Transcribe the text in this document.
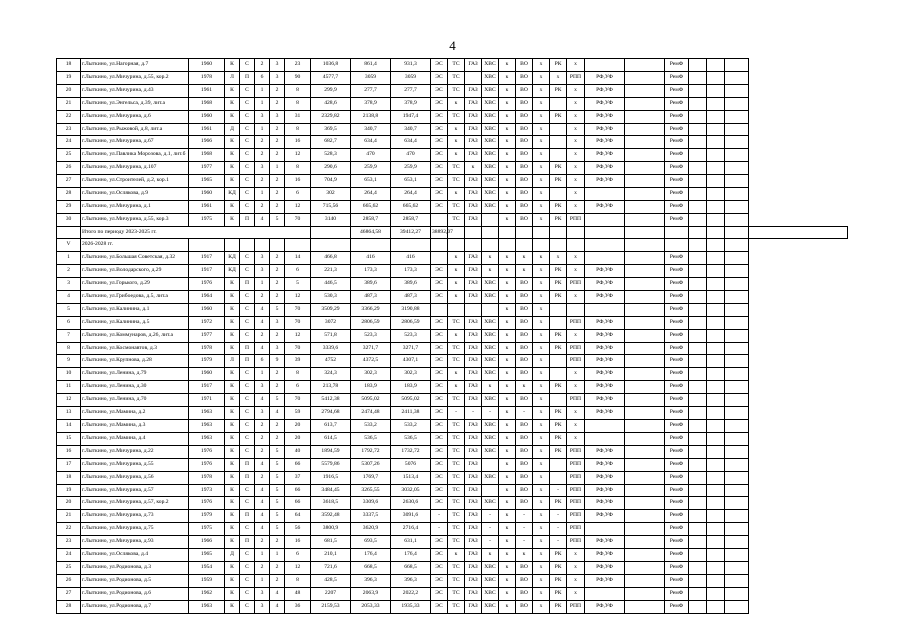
4
18	г.Лыткино, ул.Нагорная, д.7	1960	К	С	2	3	23	1036,8	861,4	931,3	ЭС	ТС	ГАЗ	ХВС	к	ВО	х	РК	х			РемФ				
19	г.Лыткино, ул.Мичурина, д.55, кор.2	1978	Л	П	6	3	90	4577,7	3059	3059	ЭС	ТС		ХВС	к	ВО	х	х	РПП	РФ,УФ		РемФ				
20	г.Лыткино, ул.Мичурина, д.43	1961	К	С	1	2	8	299,9	277,7	277,7	ЭС	ТС	ГАЗ	ХВС	к	ВО	х	РК	х	РФ,УФ		РемФ				
21	г.Лыткино, ул.Энгельса, д.39, лит.а	1968	К	С	1	2	8	428,6	378,9	378,9	ЭС	к	ГАЗ	ХВС	к	ВО	х		х	РФ,УФ		РемФ				
22	г.Лыткино, ул.Мичурина, д.6	1960	К	С	3	3	31	2329,82	2138,8	1947,4	ЭС	ТС	ГАЗ	ХВС	к	ВО	х	РК	х	РФ,УФ		РемФ				
23	г.Лыткино, ул.Рыжовой, д.8, лит.а	1961	Д	С	1	2	8	369,5	340,7	340,7	ЭС	к	ГАЗ	ХВС	к	ВО	х		х	РФ,УФ		РемФ				
24	г.Лыткино, ул.Мичурина, д.67	1966	К	С	2	2	16	682,7	634,4	634,4	ЭС	к	ГАЗ	ХВС	к	ВО	х		х	РФ,УФ		РемФ				
25	г.Лыткино, ул.Павлика Морозова, д.1, лит.б	1968	К	С	2	2	12	528,3	470	470	ЭС	к	ГАЗ	ХВС	к	ВО	х		х	РФ,УФ		РемФ				
26	г.Лыткино, ул.Мичурина, д.107	1977	К	С	3	1	8	290,6	259,9	259,9	ЭС	ТС	к	ХВС	к	ВО	х	РК	х	РФ,УФ		РемФ				
27	г.Лыткино, ул.Строителей, д.2, кор.1	1965	К	С	2	2	16	704,9	653,1	653,1	ЭС	ТС	ГАЗ	ХВС	к	ВО	х	РК	х	РФ,УФ		РемФ				
28	г.Лыткино, ул.Ослякова, д.9	1960	КД	С	1	2	6	302	264,4	264,4	ЭС	к	ГАЗ	ХВС	к	ВО	х		х			РемФ				
29	г.Лыткино, ул.Мичурина, д.1	1961	К	С	2	2	12	715,56	665,62	665,62	ЭС	ТС	ГАЗ	ХВС	к	ВО	х	РК	х	РФ,УФ		РемФ				
30	г.Лыткино, ул.Мичурина, д.55, кор.3	1975	К	П	4	5	70	3140	2858,7	2858,7		ТС	ГАЗ		к	ВО	х	РК	РПП			РемФ				
	Итого по периоду 2023-2025 гг.								46864,58	39412,27	38892,07															
V	2026-2028 гг.																									
1	г.Лыткино, ул.Большая Советская, д.32	1917	КД	С	3	2	14	466,8	416	416		к	ГАЗ	к	к	к	к	х	х			РемФ				
2	г.Лыткино, ул.Володарского, д.29	1917	КД	С	3	2	6	221,3	173,3	173,3	ЭС	к	ГАЗ	к	к	к	х	РК	х	РФ,УФ		РемФ				
3	г.Лыткино, ул.Горького, д.29	1976	К	П	1	2	5	446,5	389,6	389,6	ЭС	к	ГАЗ	ХВС	к	ВО	х	РК	РПП	РФ,УФ		РемФ				
4	г.Лыткино, ул.Грибоедова, д.5, лит.а	1964	К	С	2	2	12	530,3	487,3	487,3	ЭС	к	ГАЗ	ХВС	к	ВО	х	РК	х	РФ,УФ		РемФ				
5	г.Лыткино, ул.Калинина, д.1	1960	К	С	4	5	70	3509,29	3366,29	3190,88					к	ВО	х					РемФ				
6	г.Лыткино, ул.Калинина, д.5	1972	К	С	4	3	70	3072	2806,59	2806,59	ЭС	ТС	ГАЗ	ХВС	к	ВО	х		РПП	РФ,УФ		РемФ				
7	г.Лыткино, ул.Коммунаров, д.26, лит.а	1977	К	С	2	2	12	571,8	523,3	523,3	ЭС	к	ГАЗ	ХВС	к	ВО	х	РК	х	РФ,УФ		РемФ				
8	г.Лыткино, ул.Космонавтов, д.3	1978	К	П	4	3	70	3339,6	3271,7	3271,7	ЭС	ТС	ГАЗ	ХВС	к	ВО	х	РК	РПП	РФ,УФ		РемФ				
9	г.Лыткино, ул.Крупнова, д.28	1979	Л	П	6	9	39	4752	4372,5	4307,1	ЭС	ТС	ГАЗ	ХВС	к	ВО	х		РПП	РФ,УФ		РемФ				
10	г.Лыткино, ул.Ленина, д.79	1960	К	С	1	2	8	324,3	302,3	302,3	ЭС	к	ГАЗ	ХВС	к	ВО	х		х	РФ,УФ		РемФ				
11	г.Лыткино, ул.Ленина, д.30	1917	К	С	3	2	6	213,78	183,9	183,9	ЭС	к	ГАЗ	к	к	к	х	РК	х	РФ,УФ		РемФ				
12	г.Лыткино, ул.Ленина, д.70	1971	К	С	4	5	70	5412,38	5095,02	5095,02	ЭС	ТС	ГАЗ	ХВС	к	ВО	х		РПП	РФ,УФ		РемФ				
13	г.Лыткино, ул.Мамина, д.2	1963	К	С	3	4	59	2794,68	2474,48	2411,38	ЭС	-	-	-	к	-	х	РК	х	РФ,УФ		РемФ				
14	г.Лыткино, ул.Мамина, д.3	1963	К	С	2	2	20	613,7	533,2	533,2	ЭС	ТС	ГАЗ	ХВС	к	ВО	х	РК	х			РемФ				
15	г.Лыткино, ул.Мамина, д.4	1963	К	С	2	2	20	614,5	536,5	536,5	ЭС	ТС	ГАЗ	ХВС	к	ВО	х	РК	х			РемФ				
16	г.Лыткино, ул.Мичурина, д.22	1976	К	С	2	5	40	1894,59	1792,72	1732,72	ЭС	ТС	ГАЗ	ХВС	к	ВО	х	РК	РПП	РФ,УФ		РемФ				
17	г.Лыткино, ул.Мичурина, д.55	1976	К	П	4	5	66	5579,86	5307,26	5076	ЭС	ТС	ГАЗ		к	ВО	х		РПП	РФ,УФ		РемФ				
18	г.Лыткино, ул.Мичурина, д.56	1978	К	П	2	5	37	1916,5	1769,7	1513,4	ЭС	ТС	ГАЗ	ХВС	к	ВО	х		РПП	РФ,УФ		РемФ				
19	г.Лыткино, ул.Мичурина, д.57	1973	К	С	4	5	66	3484,45	3265,55	3032,05	ЭС	ТС	ГАЗ		к	ВО	х	-	РПП	РФ,УФ		РемФ				
20	г.Лыткино, ул.Мичурина, д.57, кор.2	1976	К	С	4	5	66	3618,5	3309,6	2630,6	ЭС	ТС	ГАЗ	ХВС	к	ВО	х	РК	РПП	РФ,УФ		РемФ				
21	г.Лыткино, ул.Мичурина, д.73	1979	К	П	4	5	64	3592,48	3337,5	3091,6	-	ТС	ГАЗ	-	к	-	х	-	РПП	РФ,УФ		РемФ				
22	г.Лыткино, ул.Мичурина, д.75	1975	К	С	4	5	56	3800,9	3620,9	2716,4	-	ТС	ГАЗ	-	к	-	х	-	РПП			РемФ				
23	г.Лыткино, ул.Мичурина, д.93	1966	К	П	2	2	16	681,5	693,5	631,1	ЭС	ТС	ГАЗ	-	к	-	х	-	РПП	РФ,УФ		РемФ				
24	г.Лыткино, ул.Ослякова, д.4	1965	Д	С	1	1	6	210,1	176,4	176,4	ЭС	к	ГАЗ	к	к	к	х	РК	х	РФ,УФ		РемФ				
25	г.Лыткино, ул.Родионова, д.3	1954	К	С	2	2	12	721,6	668,5	668,5	ЭС	ТС	ГАЗ	ХВС	к	ВО	х	РК	х	РФ,УФ		РемФ				
26	г.Лыткино, ул.Родионова, д.5	1959	К	С	1	2	8	428,5	396,3	396,3	ЭС	ТС	ГАЗ	ХВС	к	ВО	х	РК	х	РФ,УФ		РемФ				
27	г.Лыткино, ул.Родионова, д.6	1962	К	С	3	4	48	2207	2063,9	2022,2	ЭС	ТС	ГАЗ	ХВС	к	ВО	х	РК	х			РемФ				
28	г.Лыткино, ул.Родионова, д.7	1963	К	С	3	4	36	2159,53	2053,33	1935,33	ЭС	ТС	ГАЗ	ХВС	к	ВО	х	РК	РПП	РФ,УФ		РемФ				
